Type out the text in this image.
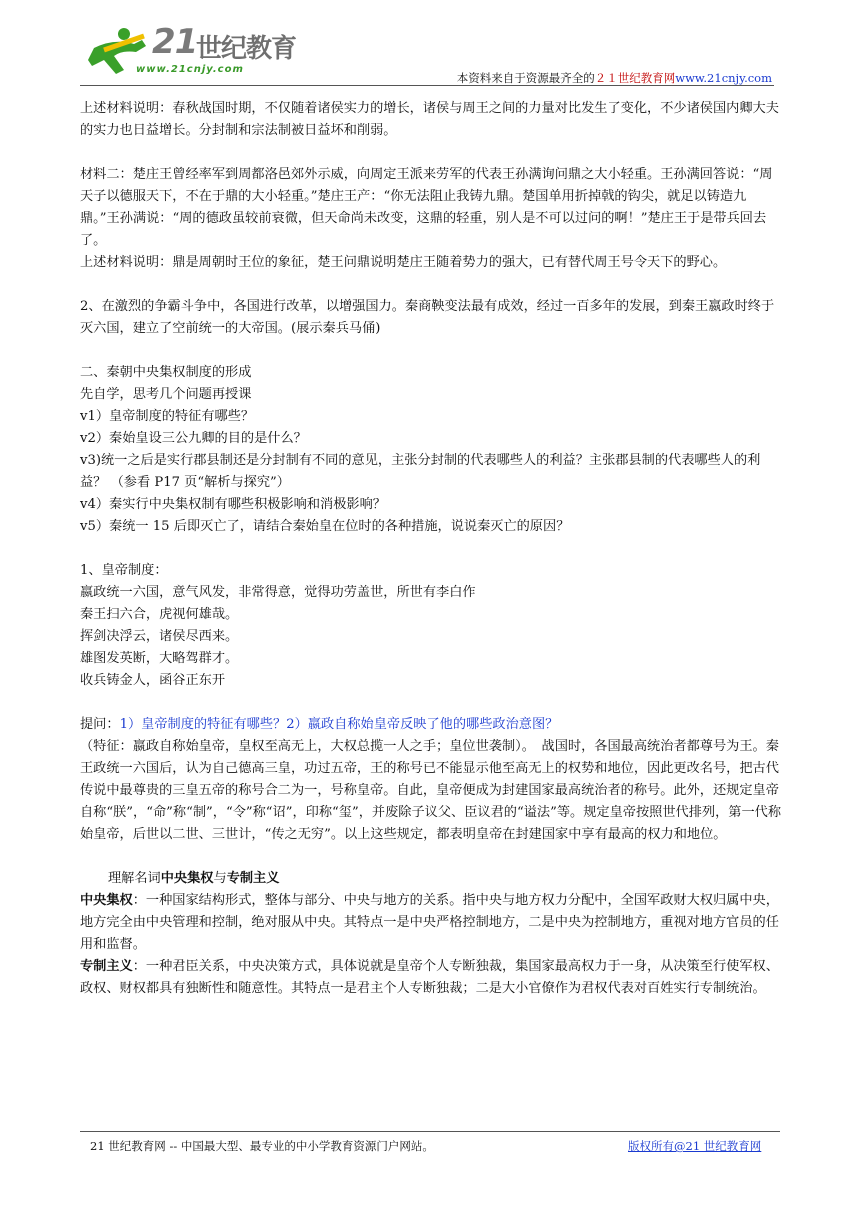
21
世纪教育
www.21cnjy.com
本资料来自于资源最齐全的２１世纪教育网www.21cnjy.com

上述材料说明：春秋战国时期，不仅随着诸侯实力的增长，诸侯与周王之间的力量对比发生了变化，不少诸侯国内卿大夫的实力也日益增长。分封制和宗法制被日益坏和削弱。

材料二：楚庄王曾经率军到周都洛邑郊外示威，向周定王派来劳军的代表王孙满询问鼎之大小轻重。王孙满回答说：“周天子以德服天下，不在于鼎的大小轻重。”楚庄王产：“你无法阻止我铸九鼎。楚国单用折掉戟的钩尖，就足以铸造九鼎。”王孙满说：“周的德政虽较前衰微，但天命尚未改变，这鼎的轻重，别人是不可以过问的啊！”楚庄王于是带兵回去了。

上述材料说明：鼎是周朝时王位的象征，楚王问鼎说明楚庄王随着势力的强大，已有替代周王号令天下的野心。

2、在激烈的争霸斗争中，各国进行改革，以增强国力。秦商鞅变法最有成效，经过一百多年的发展，到秦王嬴政时终于灭六国，建立了空前统一的大帝国。(展示秦兵马俑)

二、秦朝中央集权制度的形成

先自学，思考几个问题再授课

v1）皇帝制度的特征有哪些？

v2）秦始皇设三公九卿的目的是什么？

v3)统一之后是实行郡县制还是分封制有不同的意见，主张分封制的代表哪些人的利益？主张郡县制的代表哪些人的利益？ （参看 P17 页“解析与探究”）

v4）秦实行中央集权制有哪些积极影响和消极影响？

v5）秦统一 15 后即灭亡了，请结合秦始皇在位时的各种措施，说说秦灭亡的原因？

1、皇帝制度：

嬴政统一六国，意气风发，非常得意，觉得功劳盖世，所世有李白作

秦王扫六合，虎视何雄哉。

挥剑决浮云，诸侯尽西来。

雄图发英断，大略驾群才。

收兵铸金人，函谷正东开

提问：1）皇帝制度的特征有哪些？2）嬴政自称始皇帝反映了他的哪些政治意图？

（特征：嬴政自称始皇帝，皇权至高无上，大权总揽一人之手；皇位世袭制）。　战国时，各国最高统治者都尊号为王。秦王政统一六国后，认为自己德高三皇，功过五帝，王的称号已不能显示他至高无上的权势和地位，因此更改名号，把古代传说中最尊贵的三皇五帝的称号合二为一，号称皇帝。自此，皇帝便成为封建国家最高统治者的称号。此外，还规定皇帝自称“朕”，“命”称“制”，“令”称“诏”，印称“玺”，并废除子议父、臣议君的“谥法”等。规定皇帝按照世代排列，第一代称始皇帝，后世以二世、三世计，“传之无穷”。以上这些规定，都表明皇帝在封建国家中享有最高的权力和地位。

理解名词中央集权与专制主义

中央集权：一种国家结构形式，整体与部分、中央与地方的关系。指中央与地方权力分配中，全国军政财大权归属中央，地方完全由中央管理和控制，绝对服从中央。其特点一是中央严格控制地方，二是中央为控制地方，重视对地方官员的任用和监督。

专制主义：一种君臣关系，中央决策方式，具体说就是皇帝个人专断独裁，集国家最高权力于一身，从决策至行使军权、政权、财权都具有独断性和随意性。其特点一是君主个人专断独裁；二是大小官僚作为君权代表对百姓实行专制统治。

21 世纪教育网 -- 中国最大型、最专业的中小学教育资源门户网站。	版权所有@21 世纪教育网
